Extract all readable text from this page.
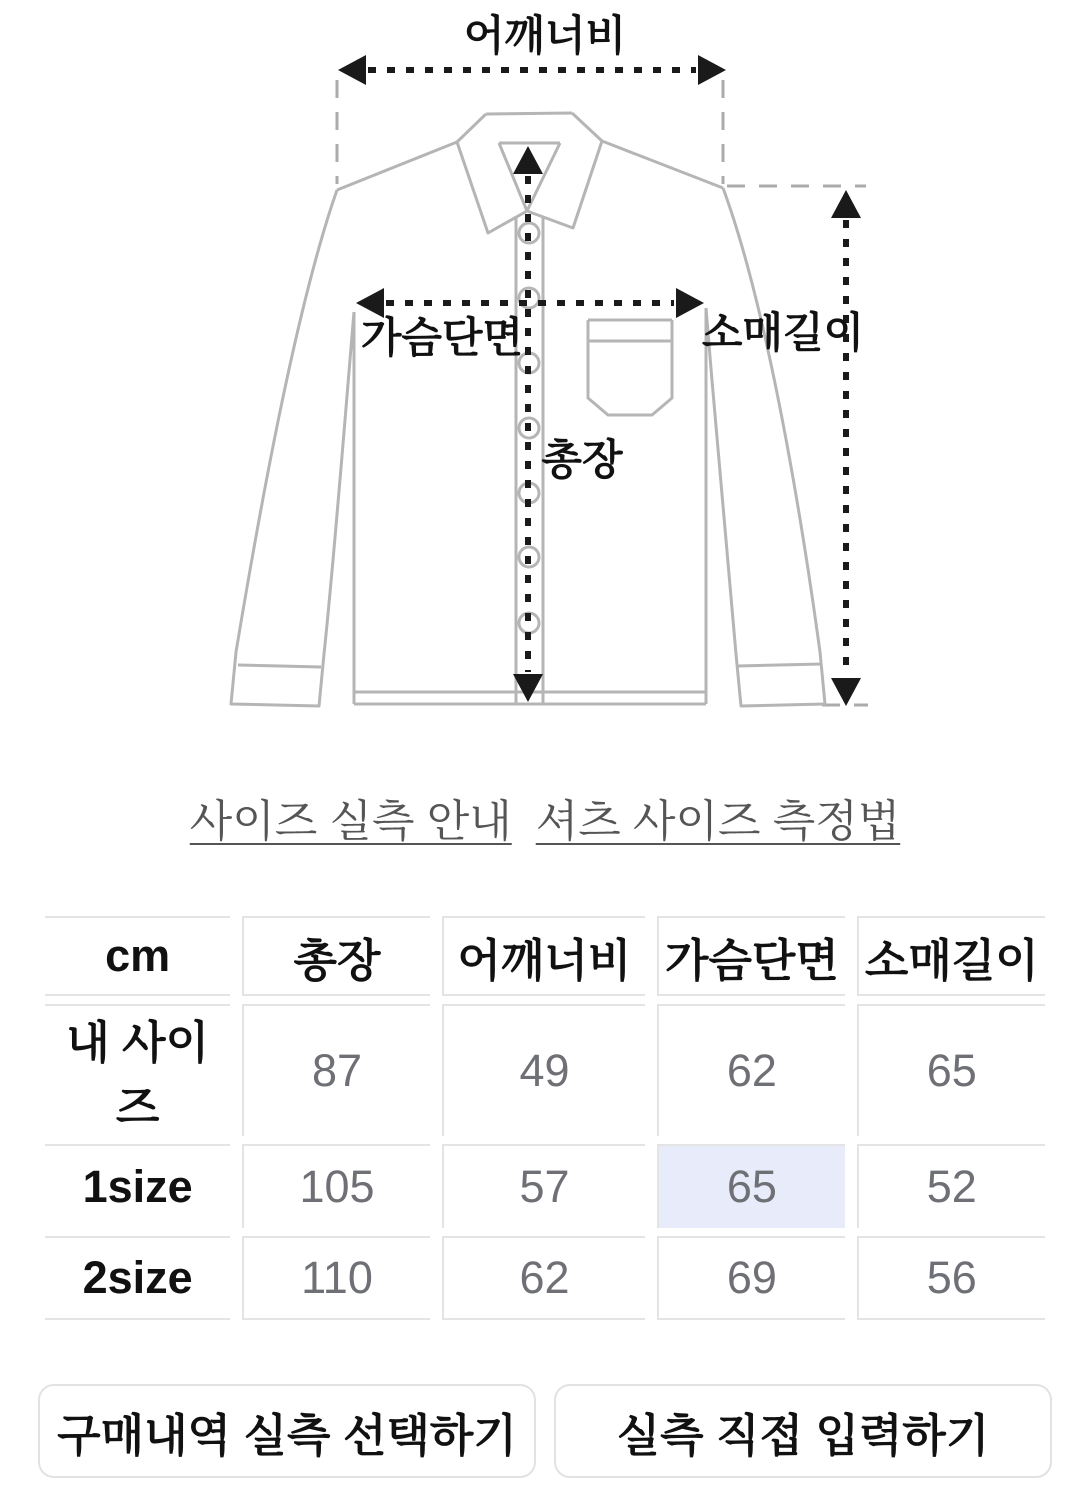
어깨너비
가슴단면
총장
소매길이
사이즈 실측 안내 셔츠 사이즈 측정법
cm	총장	어깨너비	가슴단면	소매길이
내 사이즈	87	49	62	65
1size	105	57	65	52
2size	110	62	69	56
구매내역 실측 선택하기	실측 직접 입력하기
